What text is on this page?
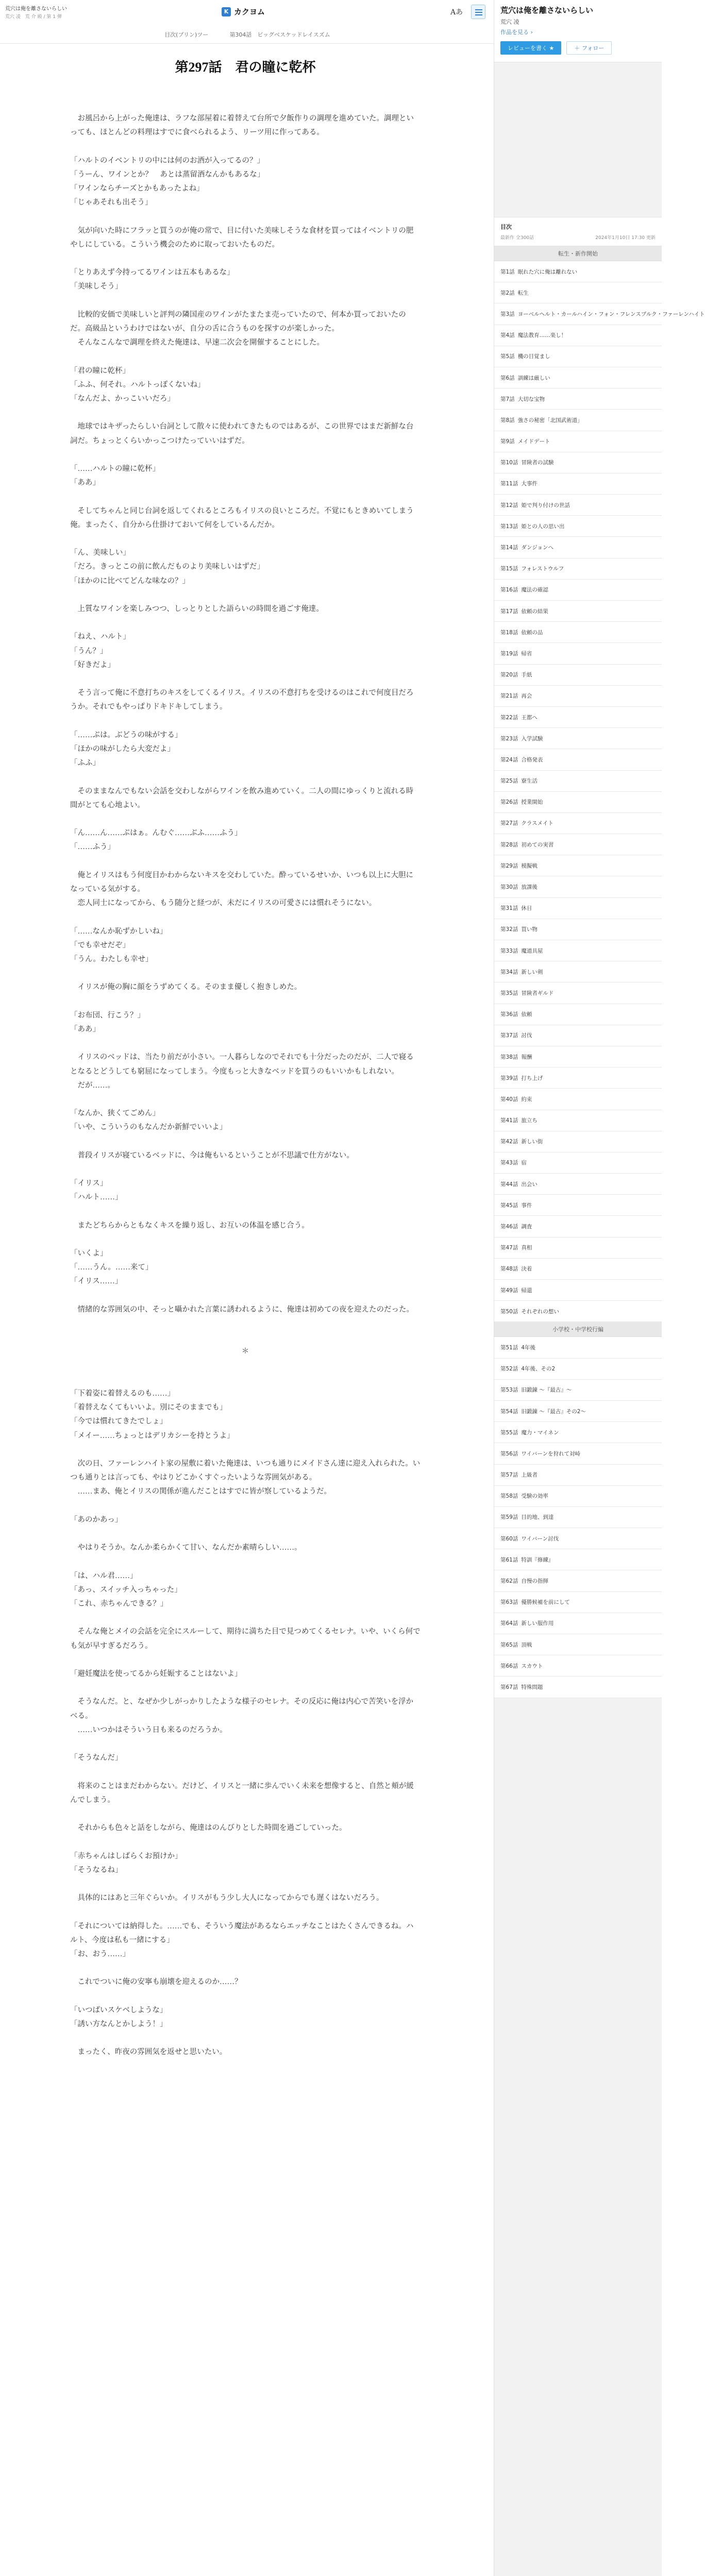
荒穴は俺を離さないらしい
荒穴 凌　荒 介 殿 / 第 1 弾
K カクヨム	Aあ
目次(プリン)ツー	第304話　ビッグベスケッドレイスズム
第297話　君の瞳に乾杯

　お風呂から上がった俺達は、ラフな部屋着に着替えて台所で夕飯作りの調理を進めていた。調理といっても、ほとんどの料理はすでに食べられるよう、リーツ用に作ってある。

「ハルトのイベントリの中には何のお酒が入ってるの？」

「うーん、ワインとか？　あとは蒸留酒なんかもあるな」

「ワインならチーズとかもあったよね」

「じゃあそれも出そう」

　気が向いた時にフラッと買うのが俺の常で、目に付いた美味しそうな食材を買ってはイベントリの肥やしにしている。こういう機会のために取っておいたものだ。

「とりあえず今持ってるワインは五本もあるな」

「美味しそう」

　比較的安価で美味しいと評判の隣国産のワインがたまたま売っていたので、何本か買っておいたのだ。高級品というわけではないが、自分の舌に合うものを探すのが楽しかった。

　そんなこんなで調理を終えた俺達は、早速二次会を開催することにした。

「君の瞳に乾杯」

「ふふ、何それ。ハルトっぽくないね」

「なんだよ、かっこいいだろ」

　地球ではキザったらしい台詞として散々に使われてきたものではあるが、この世界ではまだ新鮮な台詞だ。ちょっとくらいかっこつけたっていいはずだ。

「……ハルトの瞳に乾杯」

「ああ」

　そしてちゃんと同じ台詞を返してくれるところもイリスの良いところだ。不覚にもときめいてしまう俺。まったく、自分から仕掛けておいて何をしているんだか。

「ん、美味しい」

「だろ。きっとこの前に飲んだものより美味しいはずだ」

「ほかのに比べてどんな味なの？」

　上質なワインを楽しみつつ、しっとりとした語らいの時間を過ごす俺達。

「ねえ、ハルト」

「うん？」

「好きだよ」

　そう言って俺に不意打ちのキスをしてくるイリス。イリスの不意打ちを受けるのはこれで何度目だろうか。それでもやっぱりドキドキしてしまう。

「……ぷは。ぶどうの味がする」

「ほかの味がしたら大変だよ」

「ふふ」

　そのままなんでもない会話を交わしながらワインを飲み進めていく。二人の間にゆっくりと流れる時間がとても心地よい。

「ん……ん……ぷはぁ。んむぐ……ぶふ……ふう」

「……ふう」

　俺とイリスはもう何度目かわからないキスを交わしていた。酔っているせいか、いつも以上に大胆になっている気がする。

　恋人同士になってから、もう随分と経つが、未だにイリスの可愛さには慣れそうにない。

「……なんか恥ずかしいね」

「でも幸せだぞ」

「うん。わたしも幸せ」

　イリスが俺の胸に顔をうずめてくる。そのまま優しく抱きしめた。

「お布団、行こう？」

「ああ」

　イリスのベッドは、当たり前だが小さい。一人暮らしなのでそれでも十分だったのだが、二人で寝るとなるとどうしても窮屈になってしまう。今度もっと大きなベッドを買うのもいいかもしれない。

　だが……。

「なんか、狭くてごめん」

「いや、こういうのもなんだか新鮮でいいよ」

　普段イリスが寝ているベッドに、今は俺もいるということが不思議で仕方がない。

「イリス」

「ハルト……」

　またどちらからともなくキスを繰り返し、お互いの体温を感じ合う。

「いくよ」

「……うん。……来て」

「イリス……」

　情緒的な雰囲気の中、そっと囁かれた言葉に誘われるように、俺達は初めての夜を迎えたのだった。

＊

「下着姿に着替えるのも……」

「着替えなくてもいいよ。別にそのままでも」

「今では慣れてきたでしょ」

「メイー……ちょっとはデリカシーを持とうよ」

　次の日、ファーレンハイト家の屋敷に着いた俺達は、いつも通りにメイドさん達に迎え入れられた。いつも通りとは言っても、やはりどこかくすぐったいような雰囲気がある。

　……まあ、俺とイリスの関係が進んだことはすでに皆が察しているようだ。

「あのかあっ」

　やはりそうか。なんか柔らかくて甘い、なんだか素晴らしい……。

「は、ハル君……」

「あっ、スイッチ入っちゃった」

「これ、赤ちゃんできる？」

　そんな俺とメイの会話を完全にスルーして、期待に満ちた目で見つめてくるセレナ。いや、いくら何でも気が早すぎるだろう。

「避妊魔法を使ってるから妊娠することはないよ」

　そうなんだ。と、なぜか少しがっかりしたような様子のセレナ。その反応に俺は内心で苦笑いを浮かべる。

　……いつかはそういう日も来るのだろうか。

「そうなんだ」

　将来のことはまだわからない。だけど、イリスと一緒に歩んでいく未来を想像すると、自然と頬が緩んでしまう。

　それからも色々と話をしながら、俺達はのんびりとした時間を過ごしていった。

「赤ちゃんはしばらくお預けか」

「そうなるね」

　具体的にはあと三年ぐらいか。イリスがもう少し大人になってからでも遅くはないだろう。

「それについては納得した。……でも、そういう魔法があるならエッチなことはたくさんできるね。ハルト、今度は私も一緒にする」

「お、おう……」

　これでついに俺の安寧も崩壊を迎えるのか……？

「いつばいスケベしような」

「誘い方なんとかしよう！」

　まったく、昨夜の雰囲気を返せと思いたい。

荒穴は俺を離さないらしい
荒穴 凌
作品を見る ›
レビューを書く ★	＋ フォロー
目次
最新作 全300話	2024年1月10日 17:30 更新
転生・新作開始
第1話 眠れた穴に俺は離れない
第2話 転生
第3話 ヨーベルヘルト・カールハイン・フォン・フレンスブルク・ファーレンハイト
第4話 魔法教育……楽し！
第5話 機の目覚まし
第6話 訓練は厳しい
第7話 大切な宝物
第8話 強さの秘密「北国武術道」
第9話 メイドデート
第10話 冒険者の試験
第11話 大事件
第12話 姫で判り付けの世話
第13話 姫との人の思い出
第14話 ダンジョンへ
第15話 フォレストウルフ
第16話 魔法の確認
第17話 依頼の結果
第18話 依頼の品
第19話 帰省
第20話 手紙
第21話 再会
第22話 王都へ
第23話 入学試験
第24話 合格発表
第25話 寮生活
第26話 授業開始
第27話 クラスメイト
第28話 初めての実習
第29話 模擬戦
第30話 放課後
第31話 休日
第32話 買い物
第33話 魔道具屋
第34話 新しい剣
第35話 冒険者ギルド
第36話 依頼
第37話 討伐
第38話 報酬
第39話 打ち上げ
第40話 約束
第41話 旅立ち
第42話 新しい街
第43話 宿
第44話 出会い
第45話 事件
第46話 調査
第47話 真相
第48話 決着
第49話 帰還
第50話 それぞれの想い
小学校・中学校行編
第51話 4年後
第52話 4年後、その2
第53話 旧鍛錬 ～『最古』～
第54話 旧鍛錬 ～『最古』その2～
第55話 魔力・マイネン
第56話 ワイバーンを狩れて対峙
第57話 上級者
第58話 受験の効率
第59話 目的地、到達
第60話 ワイバーン討伐
第61話 特訓『修練』
第62話 自慢の指揮
第63話 優勝候補を前にして
第64話 新しい服作用
第65話 頂戦
第66話 スカウト
第67話 特殊問題
